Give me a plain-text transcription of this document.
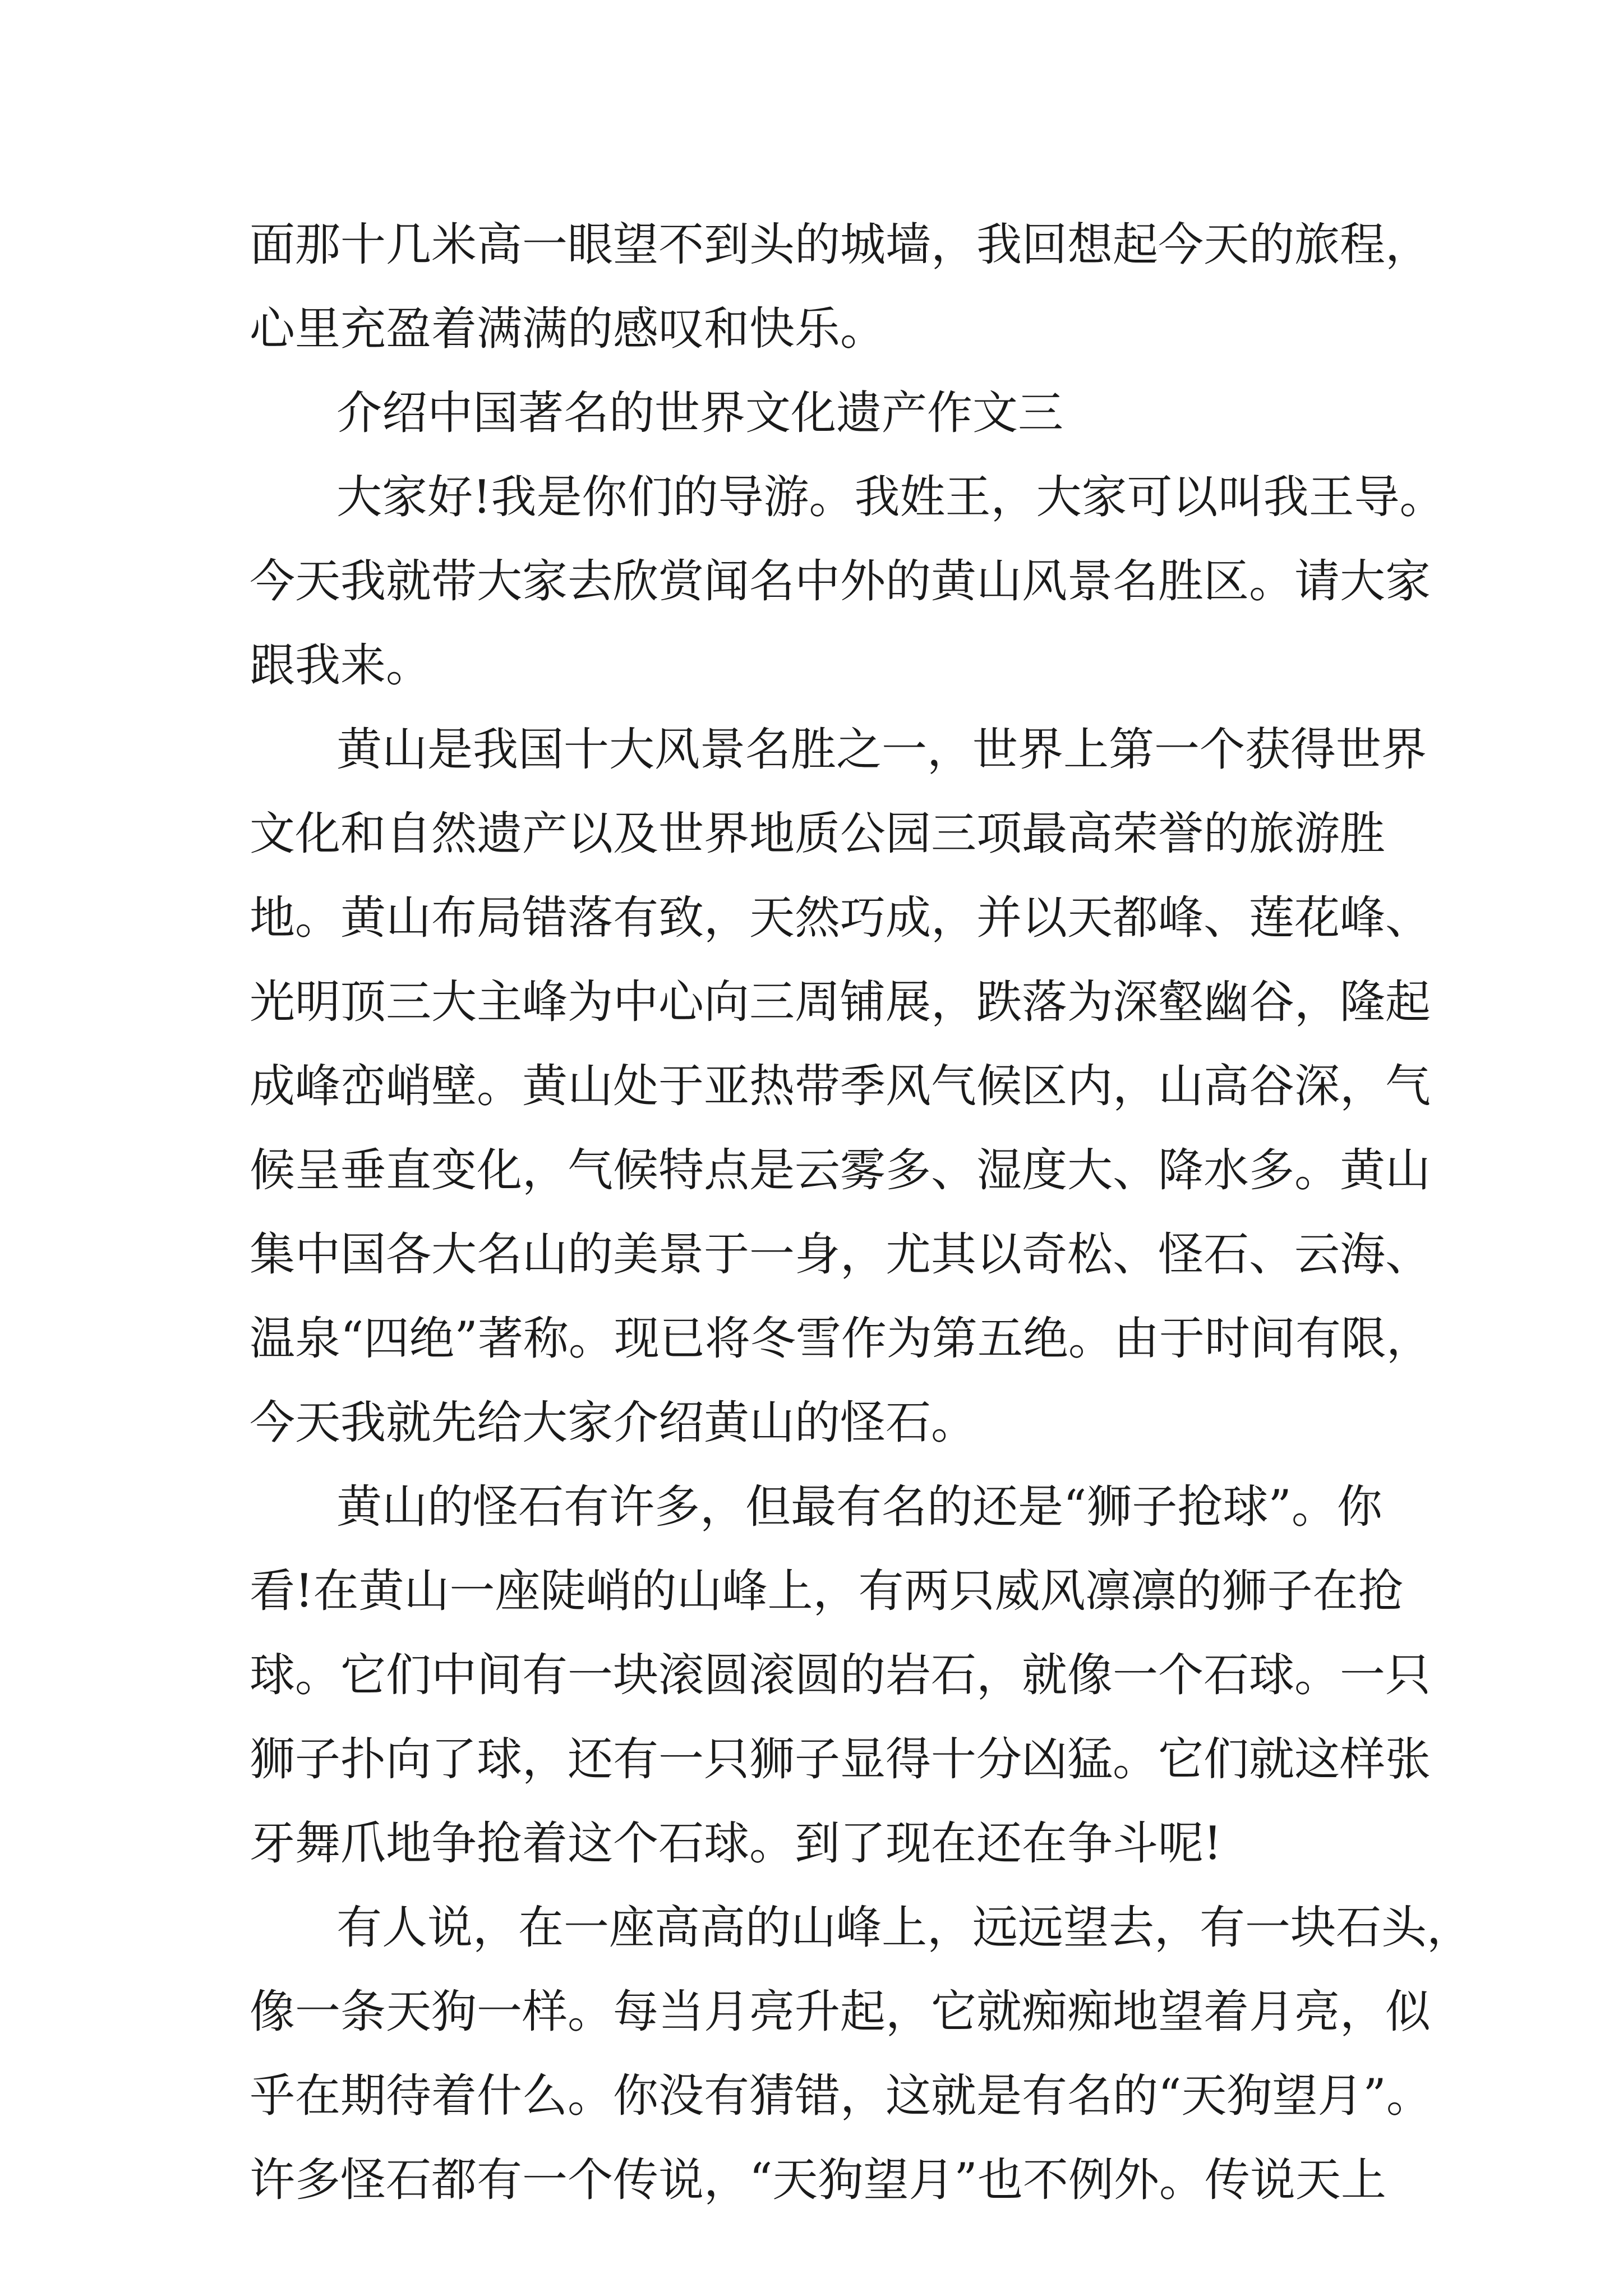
面那十几米高一眼望不到头的城墙，我回想起今天的旅程，

心里充盈着满满的感叹和快乐。

介绍中国著名的世界文化遗产作文三

大家好!我是你们的导游。我姓王，大家可以叫我王导。

今天我就带大家去欣赏闻名中外的黄山风景名胜区。请大家

跟我来。

黄山是我国十大风景名胜之一，世界上第一个获得世界

文化和自然遗产以及世界地质公园三项最高荣誉的旅游胜

地。黄山布局错落有致，天然巧成，并以天都峰、莲花峰、

光明顶三大主峰为中心向三周铺展，跌落为深壑幽谷，隆起

成峰峦峭壁。黄山处于亚热带季风气候区内，山高谷深，气

候呈垂直变化，气候特点是云雾多、湿度大、降水多。黄山

集中国各大名山的美景于一身，尤其以奇松、怪石、云海、

温泉“四绝”著称。现已将冬雪作为第五绝。由于时间有限，

今天我就先给大家介绍黄山的怪石。

黄山的怪石有许多，但最有名的还是“狮子抢球”。你

看!在黄山一座陡峭的山峰上，有两只威风凛凛的狮子在抢

球。它们中间有一块滚圆滚圆的岩石，就像一个石球。一只

狮子扑向了球，还有一只狮子显得十分凶猛。它们就这样张

牙舞爪地争抢着这个石球。到了现在还在争斗呢!

有人说，在一座高高的山峰上，远远望去，有一块石头，

像一条天狗一样。每当月亮升起，它就痴痴地望着月亮，似

乎在期待着什么。你没有猜错，这就是有名的“天狗望月”。

许多怪石都有一个传说，“天狗望月”也不例外。传说天上
